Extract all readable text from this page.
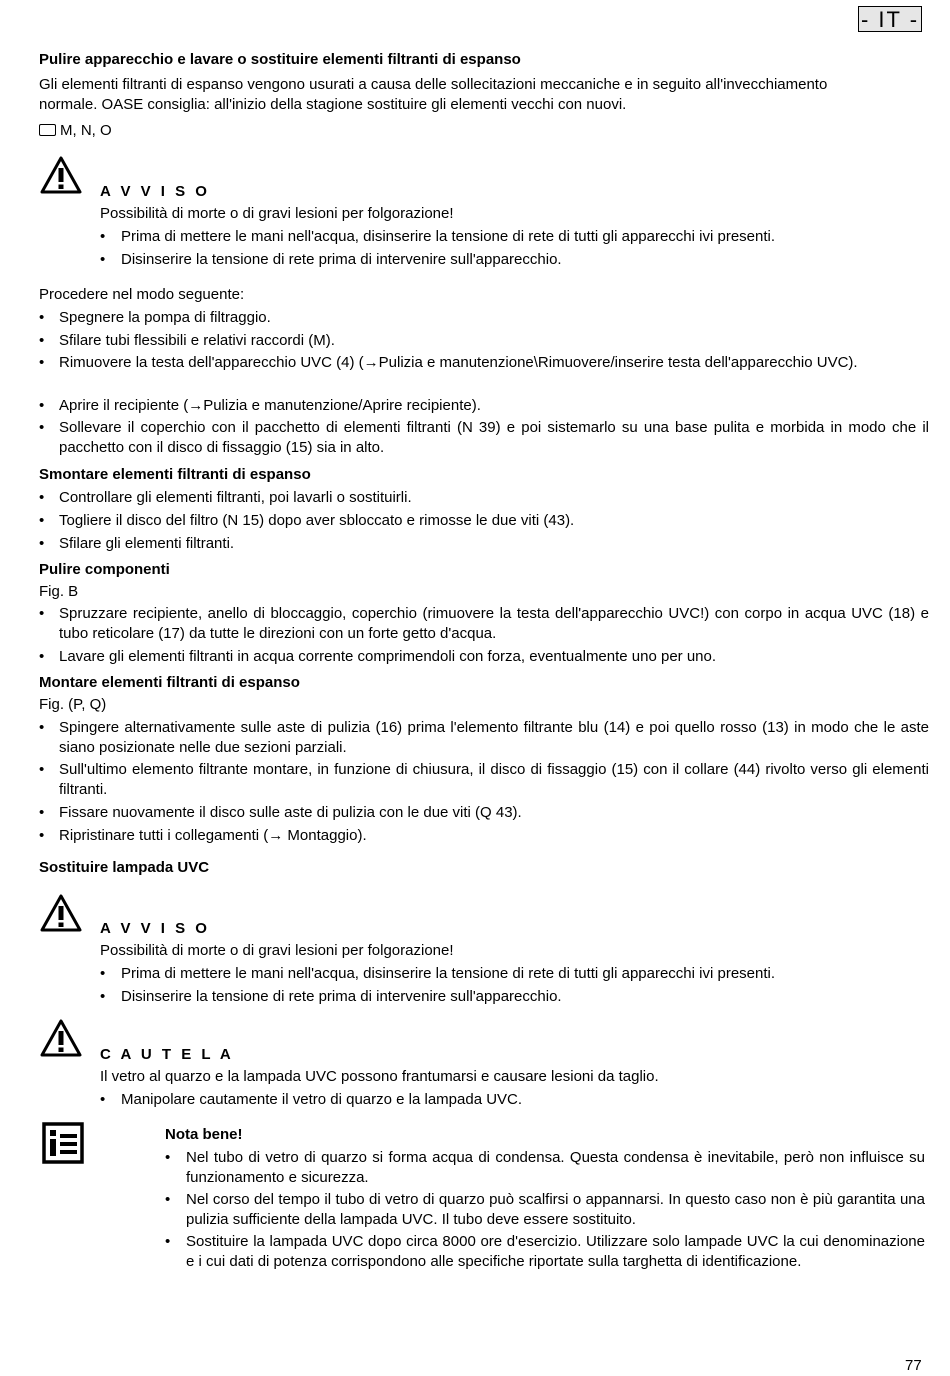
- IT -
Pulire apparecchio e lavare o sostituire elementi filtranti di espanso
Gli elementi filtranti di espanso vengono usurati a causa delle sollecitazioni meccaniche e in seguito all'invecchiamento
normale. OASE consiglia: all'inizio della stagione sostituire gli elementi vecchi con nuovi.
M, N, O
A V V I S O
Possibilità di morte o di gravi lesioni per folgorazione!
• Prima di mettere le mani nell'acqua, disinserire la tensione di rete di tutti gli apparecchi ivi presenti.
• Disinserire la tensione di rete prima di intervenire sull'apparecchio.
Procedere nel modo seguente:
• Spegnere la pompa di filtraggio.
• Sfilare tubi flessibili e relativi raccordi (M).
• Rimuovere la testa dell'apparecchio UVC (4) (→Pulizia e manutenzione\Rimuovere/inserire testa dell'apparecchio UVC).
• Aprire il recipiente (→Pulizia e manutenzione/Aprire recipiente).
• Sollevare il coperchio con il pacchetto di elementi filtranti (N 39) e poi sistemarlo su una base pulita e morbida in modo che il pacchetto con il disco di fissaggio (15) sia in alto.
Smontare elementi filtranti di espanso
• Controllare gli elementi filtranti, poi lavarli o sostituirli.
• Togliere il disco del filtro (N 15) dopo aver sbloccato e rimosse le due viti (43).
• Sfilare gli elementi filtranti.
Pulire componenti
Fig. B
• Spruzzare recipiente, anello di bloccaggio, coperchio (rimuovere la testa dell'apparecchio UVC!) con corpo in acqua UVC (18) e tubo reticolare (17) da tutte le direzioni con un forte getto d'acqua.
• Lavare gli elementi filtranti in acqua corrente comprimendoli con forza, eventualmente uno per uno.
Montare elementi filtranti di espanso
Fig. (P, Q)
• Spingere alternativamente sulle aste di pulizia (16) prima l'elemento filtrante blu (14) e poi quello rosso (13) in modo che le aste siano posizionate nelle due sezioni parziali.
• Sull'ultimo elemento filtrante montare, in funzione di chiusura, il disco di fissaggio (15) con il collare (44) rivolto verso gli elementi filtranti.
• Fissare nuovamente il disco sulle aste di pulizia con le due viti (Q 43).
• Ripristinare tutti i collegamenti (→ Montaggio).
Sostituire lampada UVC
A V V I S O
Possibilità di morte o di gravi lesioni per folgorazione!
• Prima di mettere le mani nell'acqua, disinserire la tensione di rete di tutti gli apparecchi ivi presenti.
• Disinserire la tensione di rete prima di intervenire sull'apparecchio.
C A U T E L A
Il vetro al quarzo e la lampada UVC possono frantumarsi e causare lesioni da taglio.
• Manipolare cautamente il vetro di quarzo e la lampada UVC.
Nota bene!
• Nel tubo di vetro di quarzo si forma acqua di condensa. Questa condensa è inevitabile, però non influisce su funzionamento e sicurezza.
• Nel corso del tempo il tubo di vetro di quarzo può scalfirsi o appannarsi. In questo caso non è più garantita una pulizia sufficiente della lampada UVC. Il tubo deve essere sostituito.
• Sostituire la lampada UVC dopo circa 8000 ore d'esercizio. Utilizzare solo lampade UVC la cui denominazione e i cui dati di potenza corrispondono alle specifiche riportate sulla targhetta di identificazione.
77
